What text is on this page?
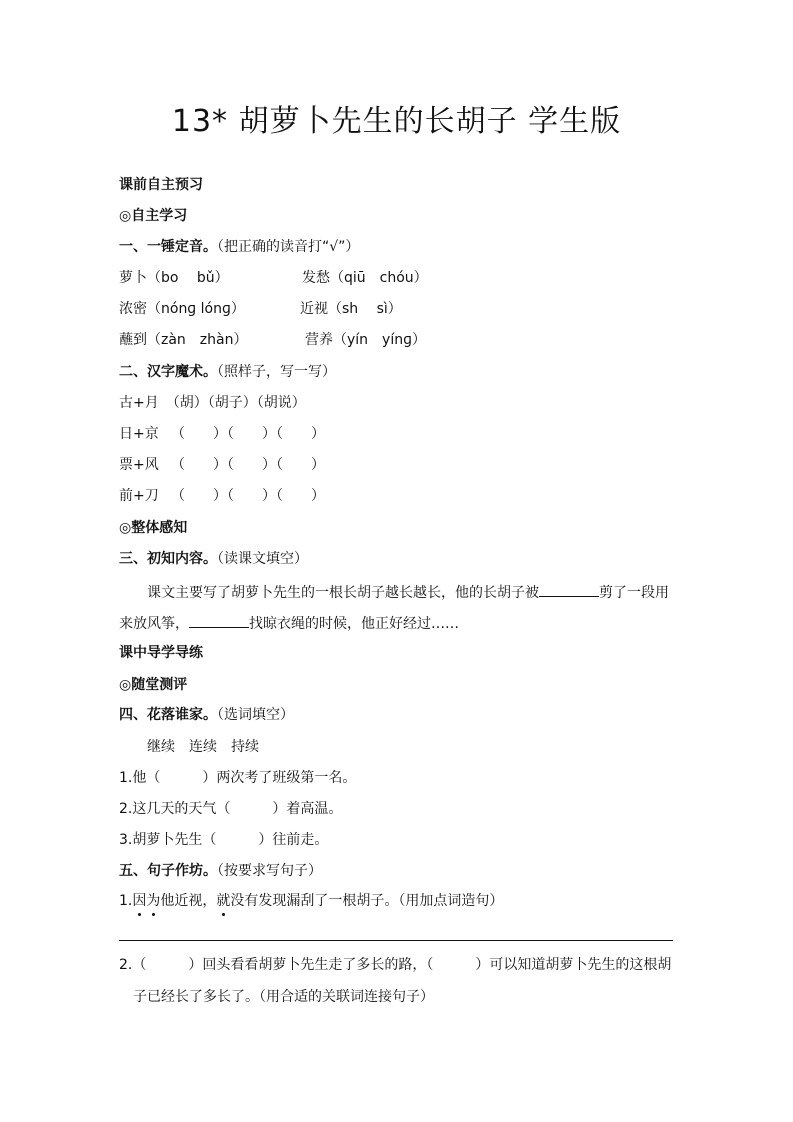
13* 胡萝卜先生的长胡子 学生版
课前自主预习
◎自主学习
一、一锤定音。（把正确的读音打“√”）
萝卜（bo　 bǔ）	发愁（qiū　chóu）
浓密（nónɡ lónɡ）	近视（sh　 sì）
蘸到（zàn　zhàn）	营养（yín　yínɡ）
二、汉字魔术。（照样子，写一写）
古+月　（胡）（胡子）（胡说）
日+京 （　　）（　　）（　　）
票+风 （　　）（　　）（　　）
前+刀 （　　）（　　）（　　）
◎整体感知
三、初知内容。（读课文填空）
课文主要写了胡萝卜先生的一根长胡子越长越长，他的长胡子被	剪了一段用
来放风筝，	找晾衣绳的时候，他正好经过……
课中导学导练
◎随堂测评
四、花落谁家。（选词填空）
继续　连续　持续
1.他（　　　）两次考了班级第一名。
2.这几天的天气（　　　）着高温。
3.胡萝卜先生（　　　）往前走。
五、句子作坊。（按要求写句子）
1.因为他近视，就没有发现漏刮了一根胡子。（用加点词造句）
2.（　　　）回头看看胡萝卜先生走了多长的路，（　　　）可以知道胡萝卜先生的这根胡
子已经长了多长了。（用合适的关联词连接句子）
